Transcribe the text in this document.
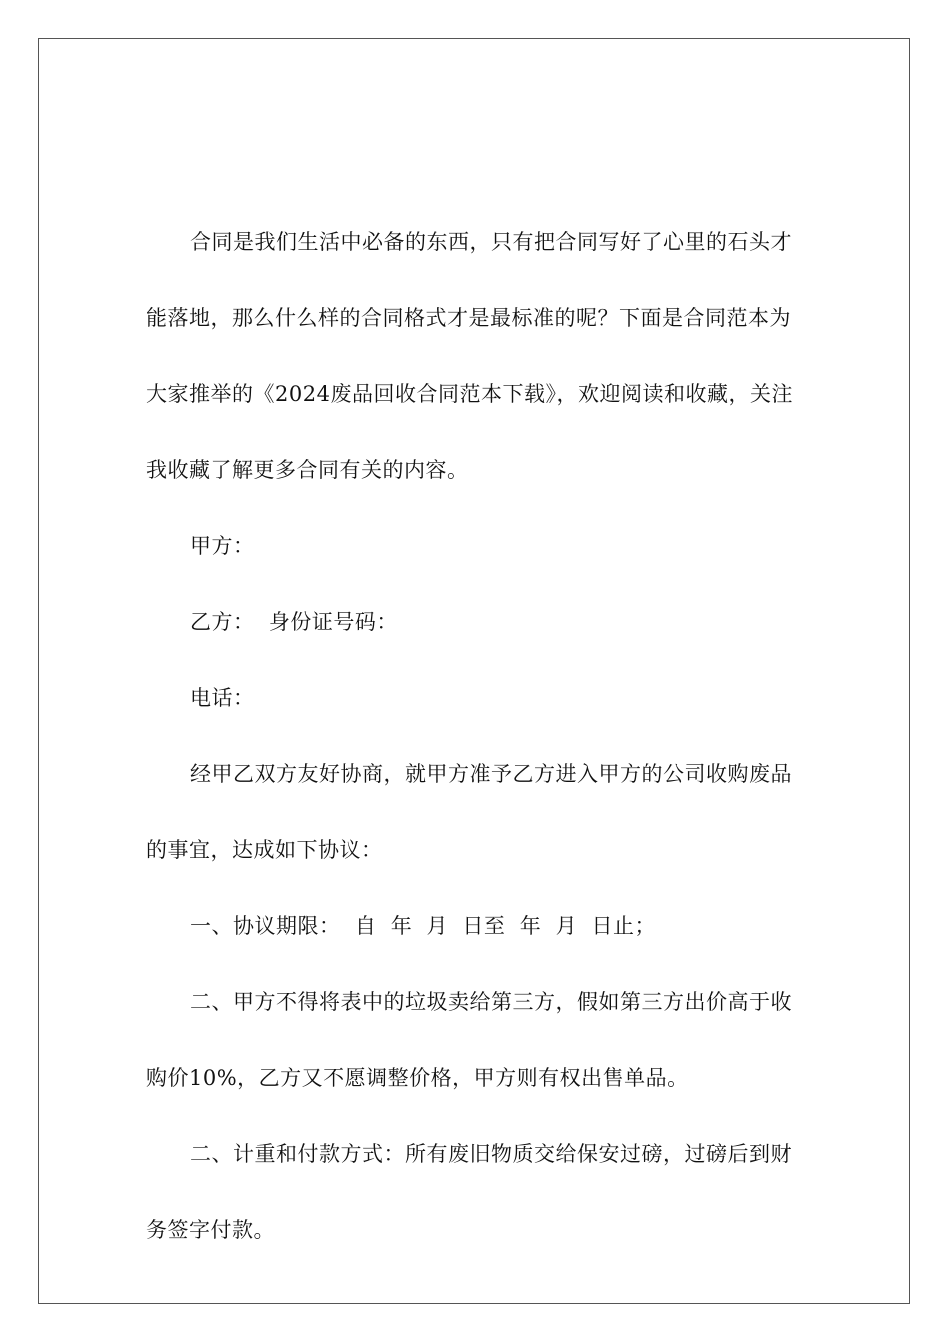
合同是我们生活中必备的东西，只有把合同写好了心里的石头才能落地，那么什么样的合同格式才是最标准的呢？下面是合同范本为大家推举的《2024废品回收合同范本下载》，欢迎阅读和收藏，关注我收藏了解更多合同有关的内容。

甲方：

乙方：  身份证号码：

电话：

经甲乙双方友好协商，就甲方准予乙方进入甲方的公司收购废品的事宜，达成如下协议：

一、协议期限：  自  年  月  日至  年  月  日止；

二、甲方不得将表中的垃圾卖给第三方，假如第三方出价高于收购价10%，乙方又不愿调整价格，甲方则有权出售单品。

二、计重和付款方式：所有废旧物质交给保安过磅，过磅后到财务签字付款。
